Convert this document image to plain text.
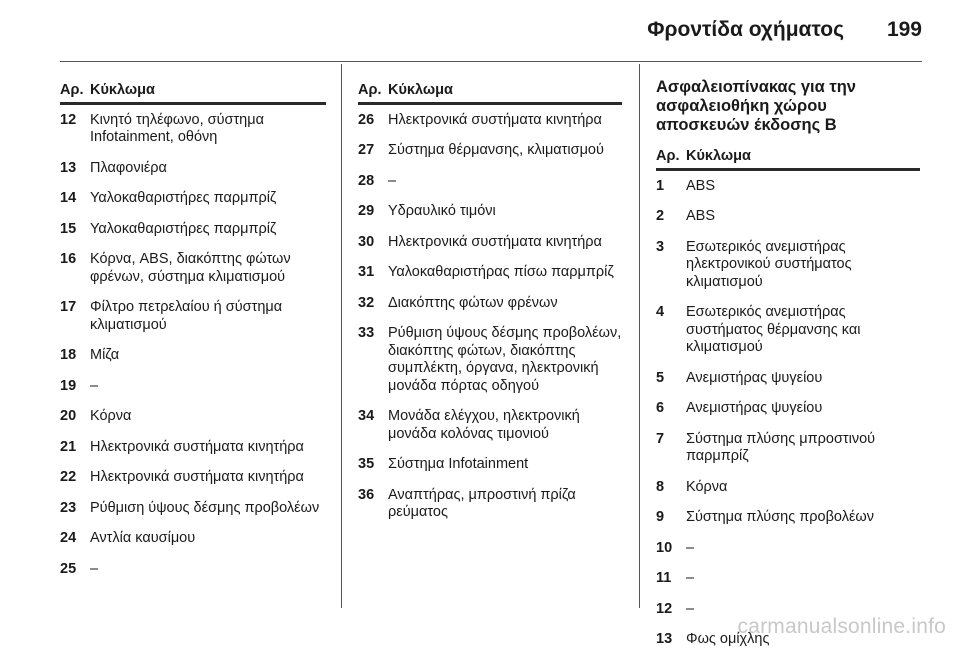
Φροντίδα οχήματος 199
Αρ. Κύκλωμα
12 Κινητό τηλέφωνο, σύστημα Infotainment, οθόνη
13 Πλαφονιέρα
14 Υαλοκαθαριστήρες παρμπρίζ
15 Υαλοκαθαριστήρες παρμπρίζ
16 Κόρνα, ABS, διακόπτης φώτων φρένων, σύστημα κλιματισμού
17 Φίλτρο πετρελαίου ή σύστημα κλιματισμού
18 Μίζα
19 –
20 Κόρνα
21 Ηλεκτρονικά συστήματα κινητήρα
22 Ηλεκτρονικά συστήματα κινητήρα
23 Ρύθμιση ύψους δέσμης προβολέων
24 Αντλία καυσίμου
25 –
Αρ. Κύκλωμα
26 Ηλεκτρονικά συστήματα κινητήρα
27 Σύστημα θέρμανσης, κλιματισμού
28 –
29 Υδραυλικό τιμόνι
30 Ηλεκτρονικά συστήματα κινητήρα
31 Υαλοκαθαριστήρας πίσω παρμπρίζ
32 Διακόπτης φώτων φρένων
33 Ρύθμιση ύψους δέσμης προβολέων, διακόπτης φώτων, διακόπτης συμπλέκτη, όργανα, ηλεκτρονική μονάδα πόρτας οδηγού
34 Μονάδα ελέγχου, ηλεκτρονική μονάδα κολόνας τιμονιού
35 Σύστημα Infotainment
36 Αναπτήρας, μπροστινή πρίζα ρεύματος
Ασφαλειοπίνακας για την ασφαλειοθήκη χώρου αποσκευών έκδοσης B
Αρ. Κύκλωμα
1	ABS
2	ABS
3	Εσωτερικός ανεμιστήρας ηλεκτρονικού συστήματος κλιματισμού
4	Εσωτερικός ανεμιστήρας συστήματος θέρμανσης και κλιματισμού
5	Ανεμιστήρας ψυγείου
6	Ανεμιστήρας ψυγείου
7	Σύστημα πλύσης μπροστινού παρμπρίζ
8	Κόρνα
9	Σύστημα πλύσης προβολέων
10 –
11	–
12 –
13 Φως ομίχλης
carmanualsonline.info
